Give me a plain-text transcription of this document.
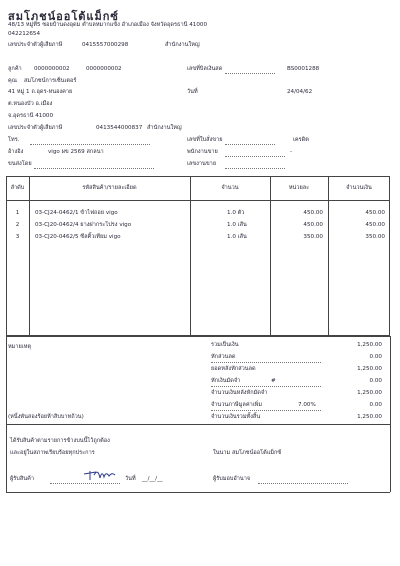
สมโภชน์ออโต้แม็กซ์
48/13 หมู่ที่5 ซอยบ้านดงอุดม ตำบลหมากแข้ง อำเภอเมือง จังหวัดอุดรธานี 41000
042212654
เลขประจำตัวผู้เสียภาษี	0415557000298	สำนักงานใหญ่
ลูกค้า 0000000002	0000000002
คุณ สมโภชน์การเซ็นเตอร์
41 หมู่ 1 ถ.อุดร-หนองคาย
ต.หนองบัว อ.เมือง
จ.อุดรธานี 41000
เลขประจำตัวผู้เสียภาษี	0413544000837 สำนักงานใหญ่
โทร.
อ้างอิง	vigo ผข 2569 สกลนา
ขนส่งโดย
เลขที่บิลเงินสด	BS0001288
วันที่	24/04/62
เลขที่ใบสั่งขาย	เครดิต
พนักงานขาย	-
เลขงานขาย
ลำดับ	รหัสสินค้า/รายละเอียด	จำนวน	หน่วยละ	จำนวนเงิน
1	03-CJ24-0462/1 ข้าไฟถอย vigo	1.0 ตัว	450.00	450.00
2	03-CJ20-0462/4 ยางฝากระโปรง vigo	1.0 เส้น	450.00	450.00
3	03-CJ20-0462/5 ซีลคิ้วเทียม vigo	1.0 เส้น	350.00	350.00
หมายเหตุ	รวมเป็นเงิน	1,250.00
หักส่วนลด	0.00
ยอดหลังหักส่วนลด	1,250.00
หักเงินมัดจำ	#	0.00
จำนวนเงินหลังหักมัดจำ	1,250.00
จำนวนภาษีมูลค่าเพิ่ม	7.00%	0.00
จำนวนเงินรวมทั้งสิ้น	1,250.00
(หนึ่งพันสองร้อยห้าสิบบาทถ้วน)
ได้รับสินค้าตามรายการข้างบนนี้ไว้ถูกต้อง
และอยู่ในสภาพเรียบร้อยทุกประการ	ในนาม สมโภชน์ออโต้แม็กซ์
ผู้รับสินค้า	วันที่ __/__/__	ผู้รับมอบอำนาจ
